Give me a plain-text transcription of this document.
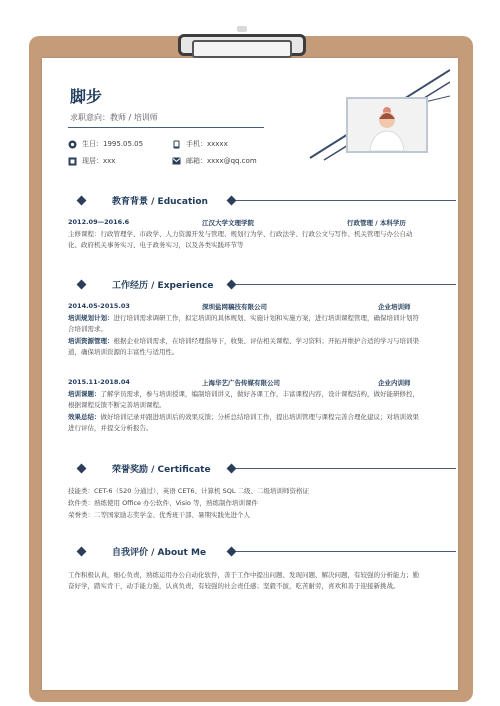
脚步
求职意向：教师 / 培训师
生日：1995.05.05	手机：xxxxx
现居：xxx	邮箱：xxxx@qq.com
教育背景 / Education
2012.09—2016.6	江汉大学文理学院	行政管理 / 本科学历
主修课程：行政管理学、市政学、人力资源开发与管理、规划行为学、行政法学、行政公文与写作、机关管理与办公自动化、政府机关事务实习、电子政务实习，以及各类实践环节等
工作经历 / Experience
2014.05-2015.03	深圳盐网稿技有限公司	企业培训师
培训规划计划：进行培训需求调研工作，拟定培训的具体规划、实施计划和实施方案，进行培训课程管理，确保培训计划符合培训需求。
培训资源管理：根据企业培训需求，在培训经理指导下，收集、评估相关课程、学习资料；开拓并维护合适的学习与培训渠道，确保培训资源的丰富性与适用性。
2015.11-2018.04	上海华艺广告传媒有限公司	企业内训师
培训课题：了解学员需求，参与培训授课，编制培训讲义，做好各课工作，丰富课程内容，设计课程结构，做好能研修控，根据课程反馈不断完善培训课程。
效果总结：做好培训记录并跟进培训后的效果反馈；分析总结培训工作，提出培训管理与课程完善合理化建议；对培训效果进行评估，并提交分析报告。
荣誉奖励 / Certificate
技能类：CET-6（520 分通过），英语 CET6、计算机 SQL 二级、二级培训师资格证
软件类：熟练使用 Office 办公软件、Visio 等，熟练制作培训课件
荣誉类：二等国家励志奖学金、优秀班干部、暑期实践先进个人
自我评价 / About Me
工作积极认真，细心负责，熟练运用办公自动化软件，善于工作中提出问题、发现问题、解决问题，有较强的分析能力；勤奋好学，踏实肯干，动手能力强，认真负责，有较强的社会责任感；坚毅不拔，吃苦耐劳，喜欢和善于迎接新挑战。
